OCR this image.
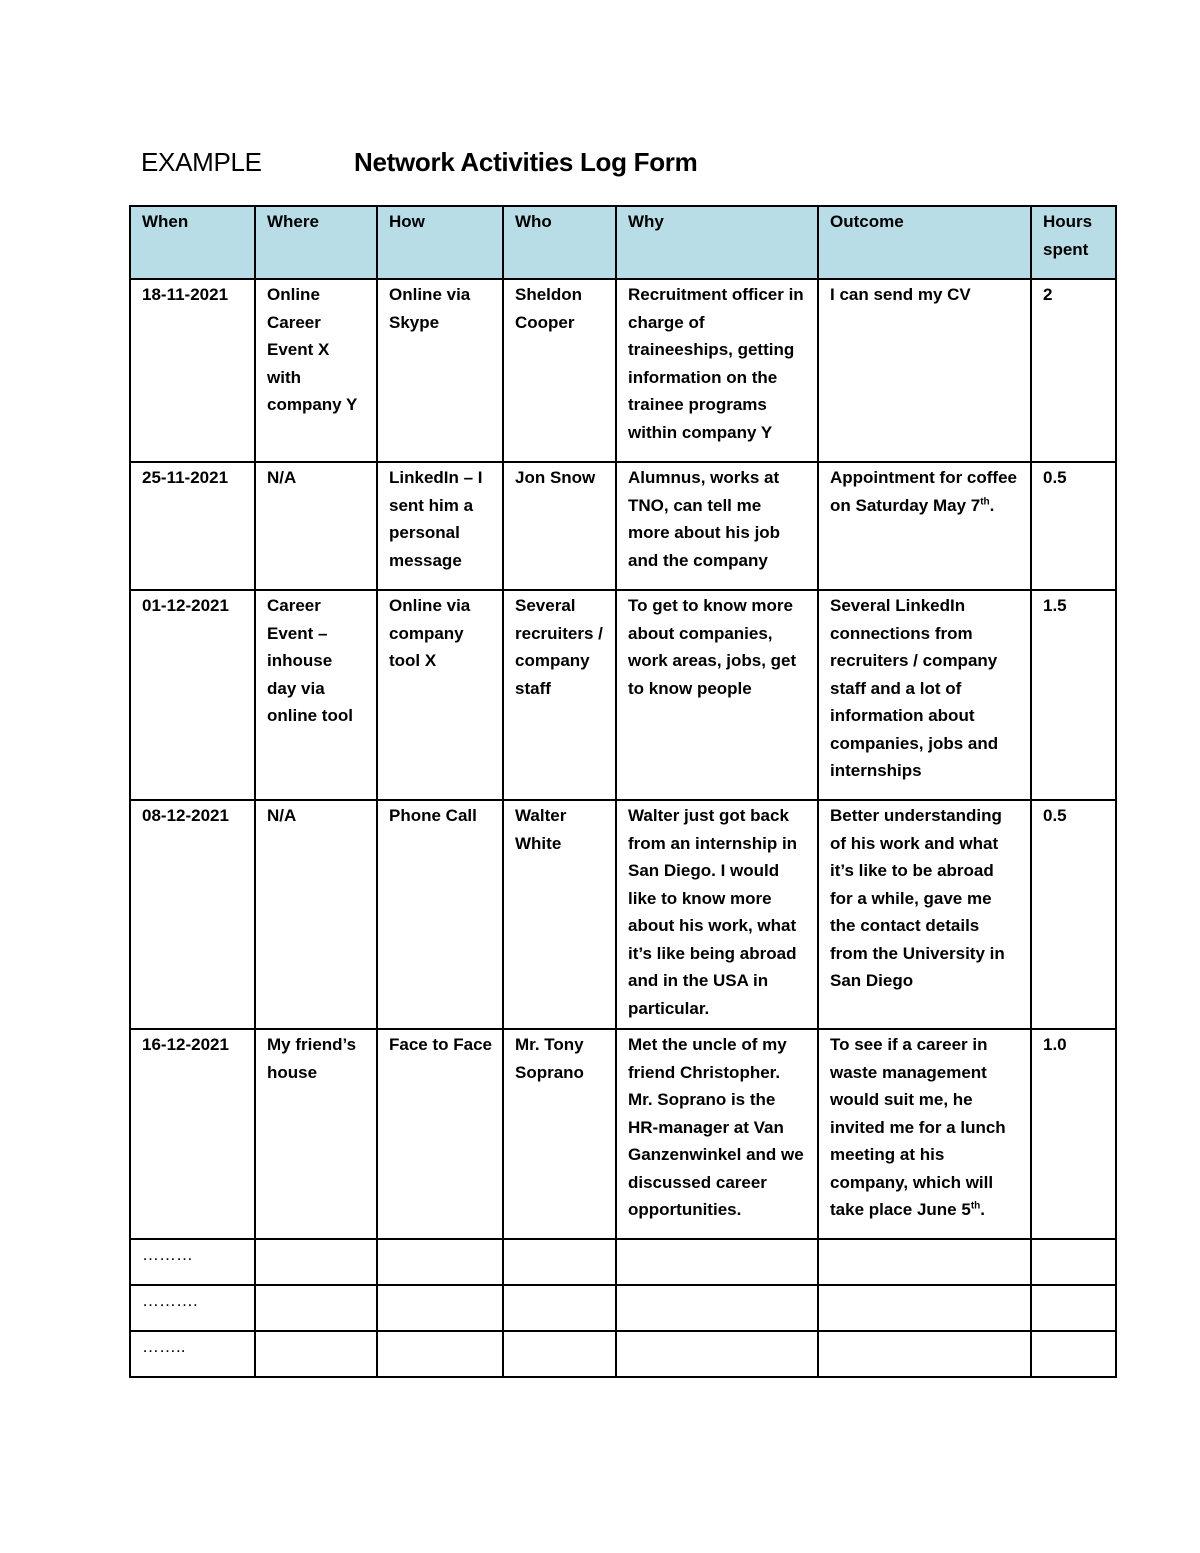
EXAMPLE	Network Activities Log Form
When	Where	How	Who	Why	Outcome	Hours spent
18-11-2021	Online Career Event X with company Y	Online via Skype	Sheldon Cooper	Recruitment officer in charge of traineeships, getting information on the trainee programs within company Y	I can send my CV	2
25-11-2021	N/A	LinkedIn – I sent him a personal message	Jon Snow	Alumnus, works at TNO, can tell me more about his job and the company	Appointment for coffee on Saturday May 7th.	0.5
01-12-2021	Career Event – inhouse day via online tool	Online via company tool X	Several recruiters / company staff	To get to know more about companies, work areas, jobs, get to know people	Several LinkedIn connections from recruiters / company staff and a lot of information about companies, jobs and internships	1.5
08-12-2021	N/A	Phone Call	Walter White	Walter just got back from an internship in San Diego. I would like to know more about his work, what it’s like being abroad and in the USA in particular.	Better understanding of his work and what it’s like to be abroad for a while, gave me the contact details from the University in San Diego	0.5
16-12-2021	My friend’s house	Face to Face	Mr. Tony Soprano	Met the uncle of my friend Christopher. Mr. Soprano is the HR-manager at Van Ganzenwinkel and we discussed career opportunities.	To see if a career in waste management would suit me, he invited me for a lunch meeting at his company, which will take place June 5th.	1.0
………						
……….						
……..						
